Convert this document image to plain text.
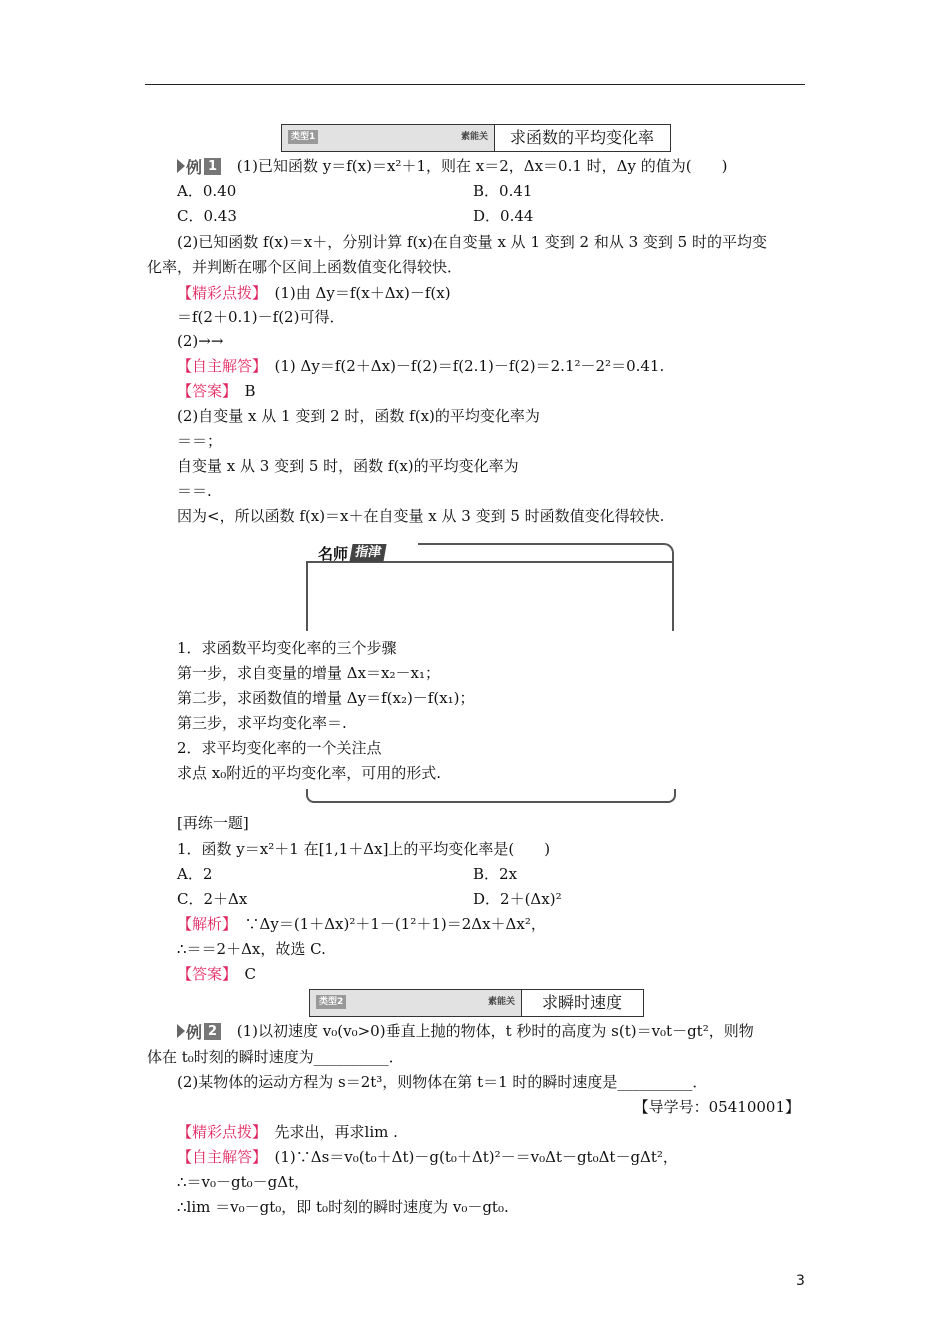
类型1	素能关	求函数的平均变化率
例 1 (1)已知函数 y＝f(x)＝x²＋1，则在 x＝2，Δx＝0.1 时，Δy 的值为(　　)
A．0.40	B．0.41
C．0.43	D．0.44
(2)已知函数 f(x)＝x＋，分别计算 f(x)在自变量 x 从 1 变到 2 和从 3 变到 5 时的平均变
化率，并判断在哪个区间上函数值变化得较快．
【精彩点拨】　(1)由 Δy＝f(x＋Δx)－f(x)
＝f(2＋0.1)－f(2)可得．
(2)→→
【自主解答】　(1) Δy＝f(2＋Δx)－f(2)＝f(2.1)－f(2)＝2.1²－2²＝0.41.
【答案】　B
(2)自变量 x 从 1 变到 2 时，函数 f(x)的平均变化率为
＝＝；
自变量 x 从 3 变到 5 时，函数 f(x)的平均变化率为
＝＝.
因为<，所以函数 f(x)＝x＋在自变量 x 从 3 变到 5 时函数值变化得较快.
名师 指津
1．求函数平均变化率的三个步骤
第一步，求自变量的增量 Δx＝x₂－x₁；
第二步，求函数值的增量 Δy＝f(x₂)－f(x₁)；
第三步，求平均变化率＝.
2．求平均变化率的一个关注点
求点 x₀附近的平均变化率，可用的形式.
[再练一题]
1．函数 y＝x²＋1 在[1,1＋Δx]上的平均变化率是(　　)
A．2	B．2x
C．2＋Δx	D．2＋(Δx)²
【解析】　∵Δy＝(1＋Δx)²＋1－(1²＋1)＝2Δx＋Δx²，
∴＝＝2＋Δx，故选 C.
【答案】　C
类型2	素能关	求瞬时速度
例 2 (1)以初速度 v₀(v₀>0)垂直上抛的物体，t 秒时的高度为 s(t)＝v₀t－gt²，则物
体在 t₀时刻的瞬时速度为__________．
(2)某物体的运动方程为 s＝2t³，则物体在第 t＝1 时的瞬时速度是__________．
【导学号：05410001】
【精彩点拨】　先求出，再求lim .
【自主解答】　(1)∵Δs＝v₀(t₀＋Δt)－g(t₀＋Δt)²－＝v₀Δt－gt₀Δt－gΔt²，
∴＝v₀－gt₀－gΔt，
∴lim ＝v₀－gt₀，即 t₀时刻的瞬时速度为 v₀－gt₀.
3
